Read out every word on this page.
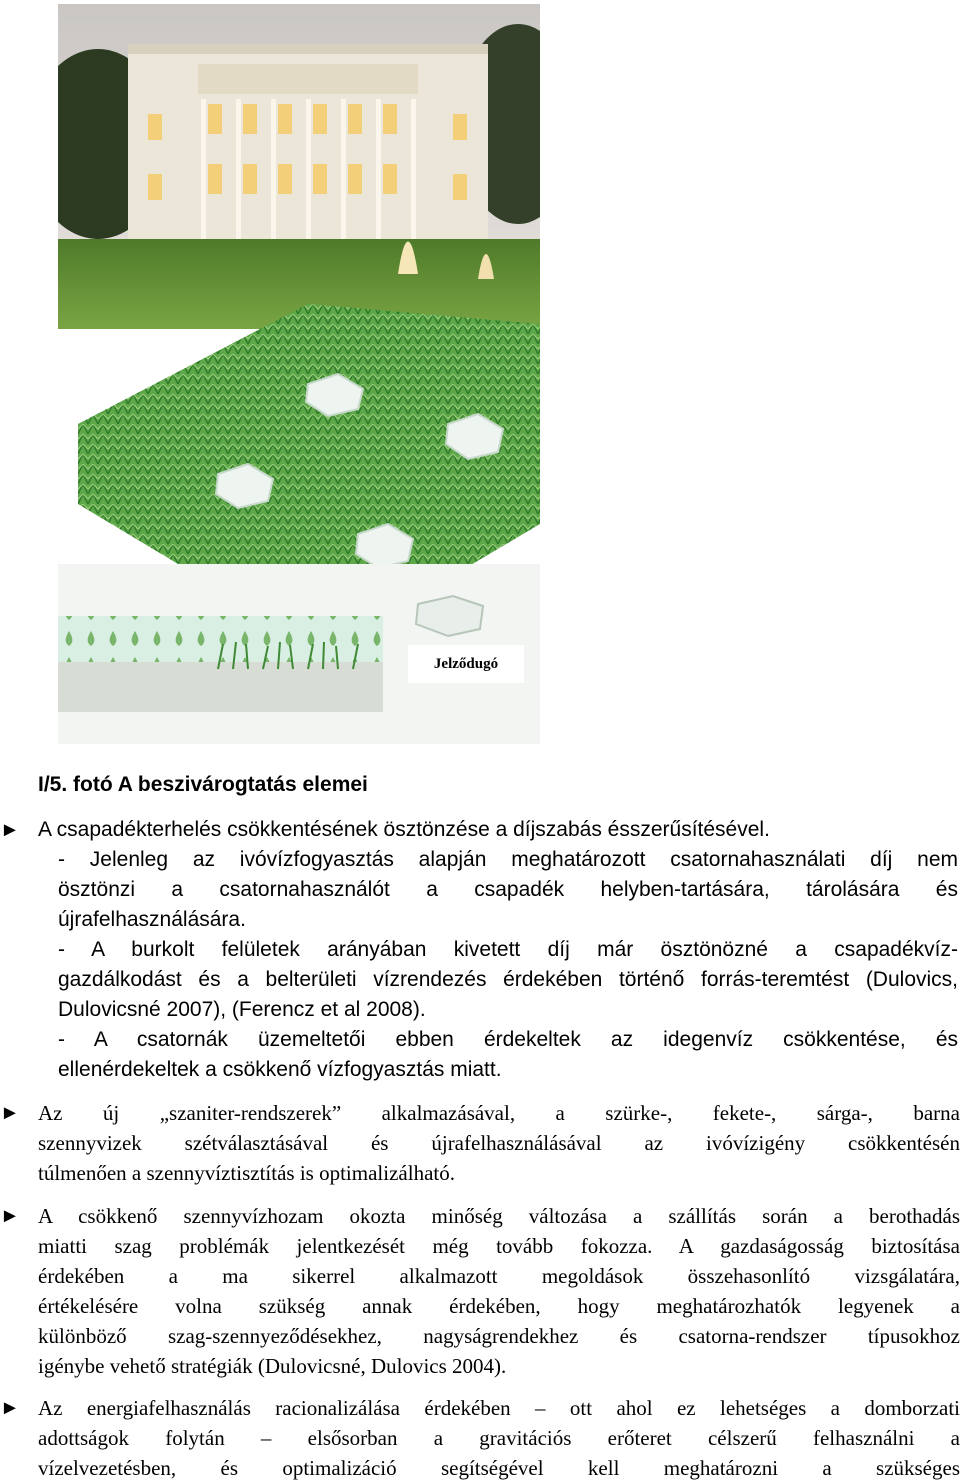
Jelződugó
I/5. fotó A beszivárogtatás elemei
► A csapadékterhelés csökkentésének ösztönzése a díjszabás ésszerűsítésével.
- Jelenleg az ivóvízfogyasztás alapján meghatározott csatornahasználati díj nem
ösztönzi a csatornahasználót a csapadék helyben-tartására, tárolására és
újrafelhasználására.
- A burkolt felületek arányában kivetett díj már ösztönözné a csapadékvíz-
gazdálkodást és a belterületi vízrendezés érdekében történő forrás-teremtést (Dulovics,
Dulovicsné 2007), (Ferencz et al 2008).
- A csatornák üzemeltetői ebben érdekeltek az idegenvíz csökkentése, és
ellenérdekeltek a csökkenő vízfogyasztás miatt.
► Az új „szaniter-rendszerek” alkalmazásával, a szürke-, fekete-, sárga-, barna
szennyvizek szétválasztásával és újrafelhasználásával az ivóvízigény csökkentésén
túlmenően a szennyvíztisztítás is optimalizálható.
► A csökkenő szennyvízhozam okozta minőség változása a szállítás során a berothadás
miatti szag problémák jelentkezését még tovább fokozza. A gazdaságosság biztosítása
érdekében a ma sikerrel alkalmazott megoldások összehasonlító vizsgálatára,
értékelésére volna szükség annak érdekében, hogy meghatározhatók legyenek a
különböző szag-szennyeződésekhez, nagyságrendekhez és csatorna-rendszer típusokhoz
igénybe vehető stratégiák (Dulovicsné, Dulovics 2004).
► Az energiafelhasználás racionalizálása érdekében – ott ahol ez lehetséges a domborzati
adottságok folytán – elsősorban a gravitációs erőteret célszerű felhasználni a
vízelvezetésben, és optimalizáció segítségével kell meghatározni a szükséges
